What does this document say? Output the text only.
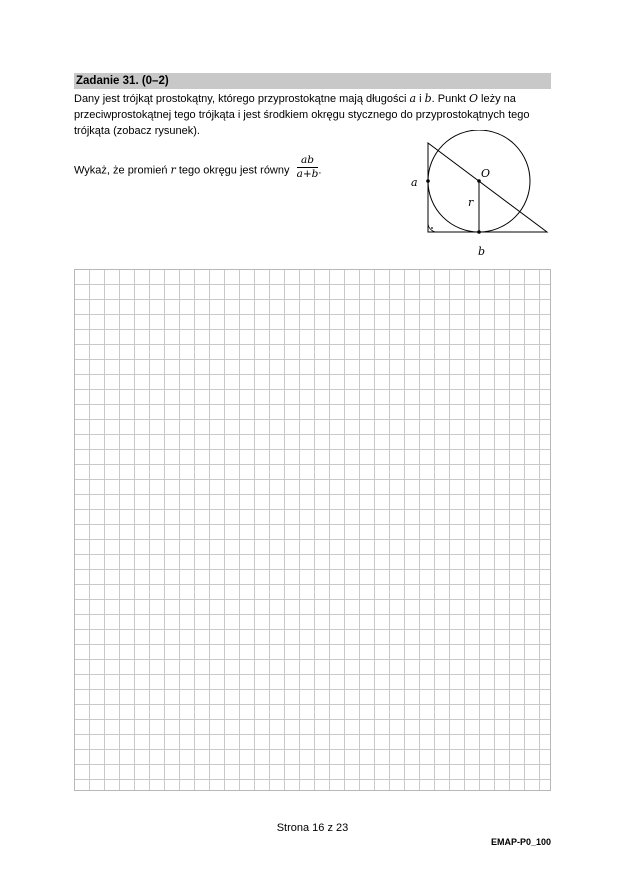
Zadanie 31. (0–2)
Dany jest trójkąt prostokątny, którego przyprostokątne mają długości a i b. Punkt O leży na przeciwprostokątnej tego trójkąta i jest środkiem okręgu stycznego do przyprostokątnych tego trójkąta (zobacz rysunek).
Wykaż, że promień r tego okręgu jest równy $\frac{ab}{a+b}$ .
a
O
r
b
Strona 16 z 23
EMAP-P0_100
